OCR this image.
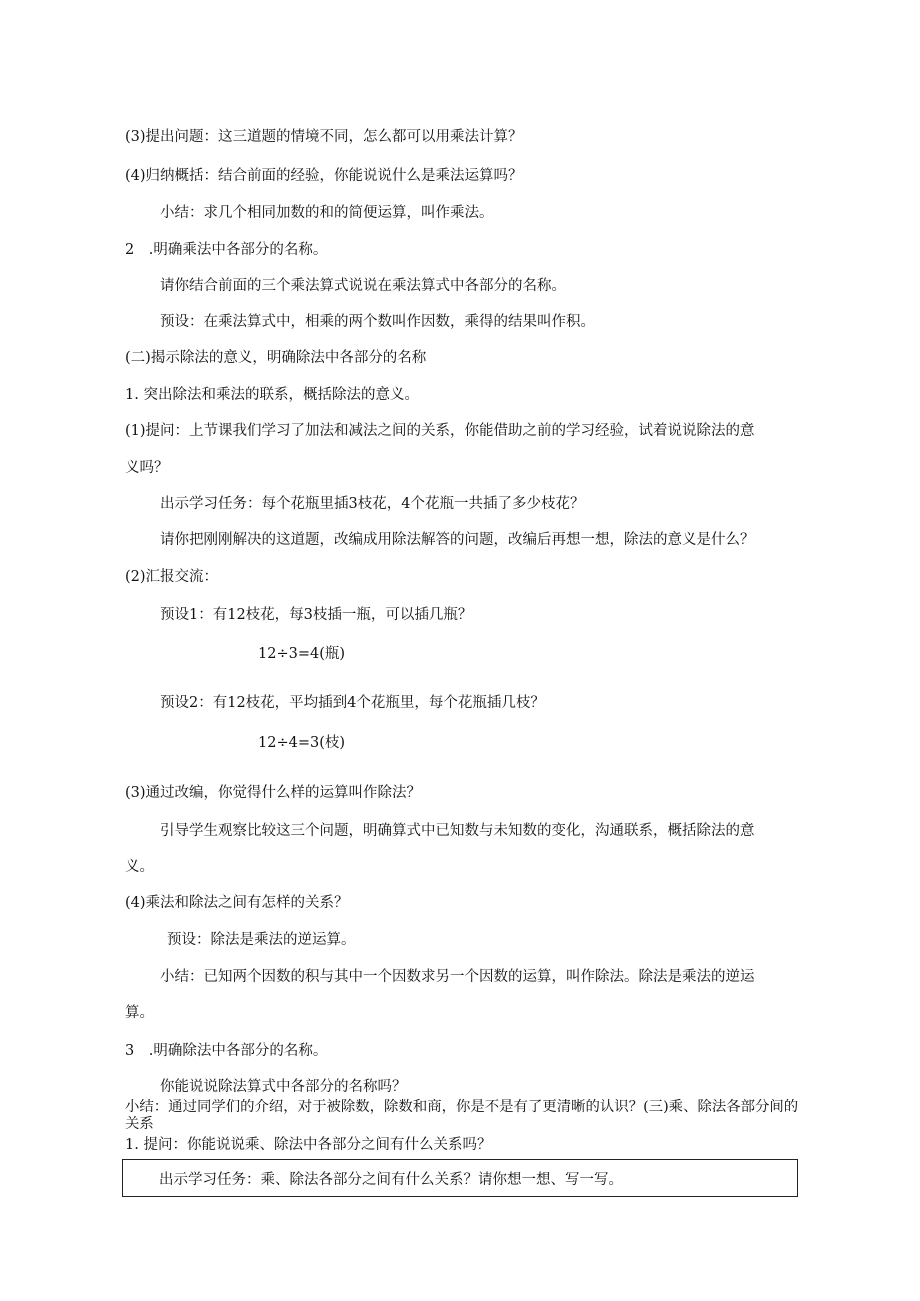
(3)提出问题：这三道题的情境不同，怎么都可以用乘法计算？
(4)归纳概括：结合前面的经验，你能说说什么是乘法运算吗？
小结：求几个相同加数的和的简便运算，叫作乘法。
2　.明确乘法中各部分的名称。
请你结合前面的三个乘法算式说说在乘法算式中各部分的名称。
预设：在乘法算式中，相乘的两个数叫作因数，乘得的结果叫作积。
(二)揭示除法的意义，明确除法中各部分的名称
1. 突出除法和乘法的联系，概括除法的意义。
(1)提问：上节课我们学习了加法和减法之间的关系，你能借助之前的学习经验，试着说说除法的意
义吗？
出示学习任务：每个花瓶里插3枝花，4个花瓶一共插了多少枝花？
请你把刚刚解决的这道题，改编成用除法解答的问题，改编后再想一想，除法的意义是什么？
(2)汇报交流：
预设1：有12枝花，每3枝插一瓶，可以插几瓶？
12÷3=4(瓶)
预设2：有12枝花，平均插到4个花瓶里，每个花瓶插几枝？
12÷4=3(枝)
(3)通过改编，你觉得什么样的运算叫作除法？
引导学生观察比较这三个问题，明确算式中已知数与未知数的变化，沟通联系，概括除法的意
义。
(4)乘法和除法之间有怎样的关系？
预设：除法是乘法的逆运算。
小结：已知两个因数的积与其中一个因数求另一个因数的运算，叫作除法。除法是乘法的逆运
算。
3　.明确除法中各部分的名称。
你能说说除法算式中各部分的名称吗？
小结：通过同学们的介绍，对于被除数，除数和商，你是不是有了更清晰的认识？(三)乘、除法各部分间的关系
1. 提问：你能说说乘、除法中各部分之间有什么关系吗？
出示学习任务：乘、除法各部分之间有什么关系？请你想一想、写一写。
